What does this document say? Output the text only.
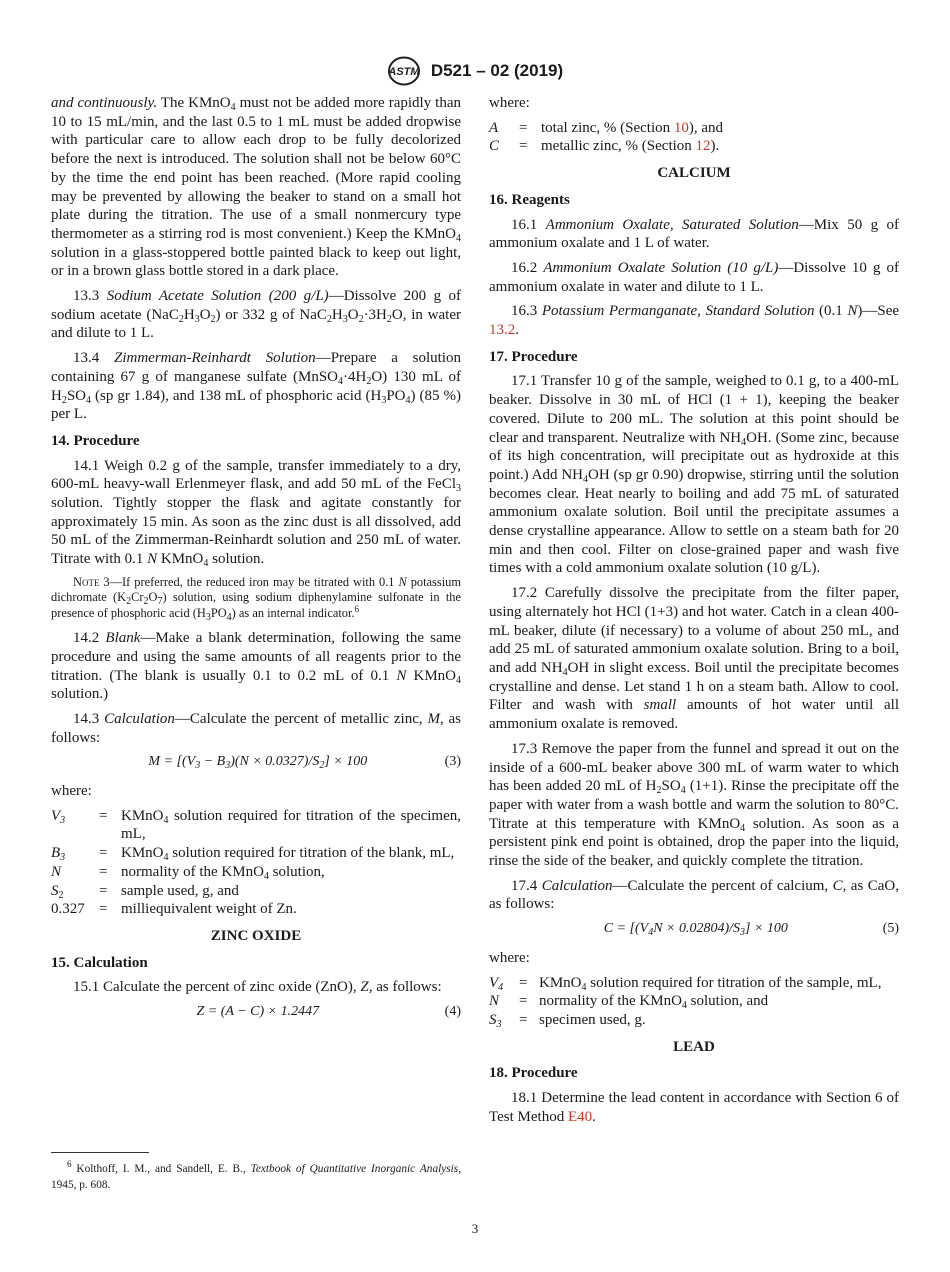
ASTM D521 – 02 (2019)

and continuously. The KMnO$_4$ must not be added more rapidly than 10 to 15 mL/min, and the last 0.5 to 1 mL must be added dropwise with particular care to allow each drop to be fully decolorized before the next is introduced. The solution shall not be below 60°C by the time the end point has been reached. (More rapid cooling may be prevented by allowing the beaker to stand on a small hot plate during the titration. The use of a small nonmercury type thermometer as a stirring rod is most convenient.) Keep the KMnO$_4$ solution in a glass-stoppered bottle painted black to keep out light, or in a brown glass bottle stored in a dark place.

13.3 Sodium Acetate Solution (200 g/L)—Dissolve 200 g of sodium acetate $(NaC_2H_3O_2)$ or 332 g of $NaC_2H_3O_2\cdot 3H_2O$, in water and dilute to 1 L.

13.4 Zimmerman-Reinhardt Solution—Prepare a solution containing 67 g of manganese sulfate $(MnSO_4\cdot 4H_2O)$ 130 mL of $H_2SO_4$ (sp gr 1.84), and 138 mL of phosphoric acid $(H_3PO_4)$ (85 %) per L.

14. Procedure

14.1 Weigh 0.2 g of the sample, transfer immediately to a dry, 600-mL heavy-wall Erlenmeyer flask, and add 50 mL of the FeCl$_3$ solution. Tightly stopper the flask and agitate constantly for approximately 15 min. As soon as the zinc dust is all dissolved, add 50 mL of the Zimmerman-Reinhardt solution and 250 mL of water. Titrate with 0.1 N KMnO$_4$ solution.

Note 3—If preferred, the reduced iron may be titrated with 0.1 N potassium dichromate $(K_2Cr_2O_7)$ solution, using sodium diphenylamine sulfonate in the presence of phosphoric acid $(H_3PO_4)$ as an internal indicator.$^6$

14.2 Blank—Make a blank determination, following the same procedure and using the same amounts of all reagents prior to the titration. (The blank is usually 0.1 to 0.2 mL of 0.1 N KMnO$_4$ solution.)

14.3 Calculation—Calculate the percent of metallic zinc, M, as follows:

$M = [(V_3 - B_3)(N \times 0.0327)/S_2] \times 100$	(3)

where:

$V_3$	=	KMnO$_4$ solution required for titration of the specimen, mL,
$B_3$	=	KMnO$_4$ solution required for titration of the blank, mL,
N	=	normality of the KMnO$_4$ solution,
$S_2$	=	sample used, g, and
0.327	=	milliequivalent weight of Zn.
ZINC OXIDE
15. Calculation

15.1 Calculate the percent of zinc oxide (ZnO), Z, as follows:

Z = (A − C) × 1.2447	(4)
$^6$ Kolthoff, I. M., and Sandell, E. B., Textbook of Quantitative Inorganic Analysis, 1945, p. 608.

where:

A	=	total zinc, % (Section 10), and
C	=	metallic zinc, % (Section 12).
CALCIUM
16. Reagents

16.1 Ammonium Oxalate, Saturated Solution—Mix 50 g of ammonium oxalate and 1 L of water.

16.2 Ammonium Oxalate Solution (10 g/L)—Dissolve 10 g of ammonium oxalate in water and dilute to 1 L.

16.3 Potassium Permanganate, Standard Solution (0.1 N)—See 13.2.

17. Procedure

17.1 Transfer 10 g of the sample, weighed to 0.1 g, to a 400-mL beaker. Dissolve in 30 mL of HCl (1 + 1), keeping the beaker covered. Dilute to 200 mL. The solution at this point should be clear and transparent. Neutralize with $NH_4OH$. (Some zinc, because of its high concentration, will precipitate out as hydroxide at this point.) Add $NH_4OH$ (sp gr 0.90) dropwise, stirring until the solution becomes clear. Heat nearly to boiling and add 75 mL of saturated ammonium oxalate solution. Boil until the precipitate assumes a dense crystalline appearance. Allow to settle on a steam bath for 20 min and then cool. Filter on close-grained paper and wash five times with a cold ammonium oxalate solution (10 g/L).

17.2 Carefully dissolve the precipitate from the filter paper, using alternately hot HCl (1+3) and hot water. Catch in a clean 400-mL beaker, dilute (if necessary) to a volume of about 250 mL, and add 25 mL of saturated ammonium oxalate solution. Bring to a boil, and add $NH_4OH$ in slight excess. Boil until the precipitate becomes crystalline and dense. Let stand 1 h on a steam bath. Allow to cool. Filter and wash with small amounts of hot water until all ammonium oxalate is removed.

17.3 Remove the paper from the funnel and spread it out on the inside of a 600-mL beaker above 300 mL of warm water to which has been added 20 mL of $H_2SO_4$ (1+1). Rinse the precipitate off the paper with water from a wash bottle and warm the solution to 80°C. Titrate at this temperature with KMnO$_4$ solution. As soon as a persistent pink end point is obtained, drop the paper into the liquid, rinse the side of the beaker, and quickly complete the titration.

17.4 Calculation—Calculate the percent of calcium, C, as CaO, as follows:

$C = [(V_4N \times 0.02804)/S_3] \times 100$	(5)

where:

$V_4$	=	KMnO$_4$ solution required for titration of the sample, mL,
N	=	normality of the KMnO$_4$ solution, and
$S_3$	=	specimen used, g.
LEAD
18. Procedure

18.1 Determine the lead content in accordance with Section 6 of Test Method E40.

3
